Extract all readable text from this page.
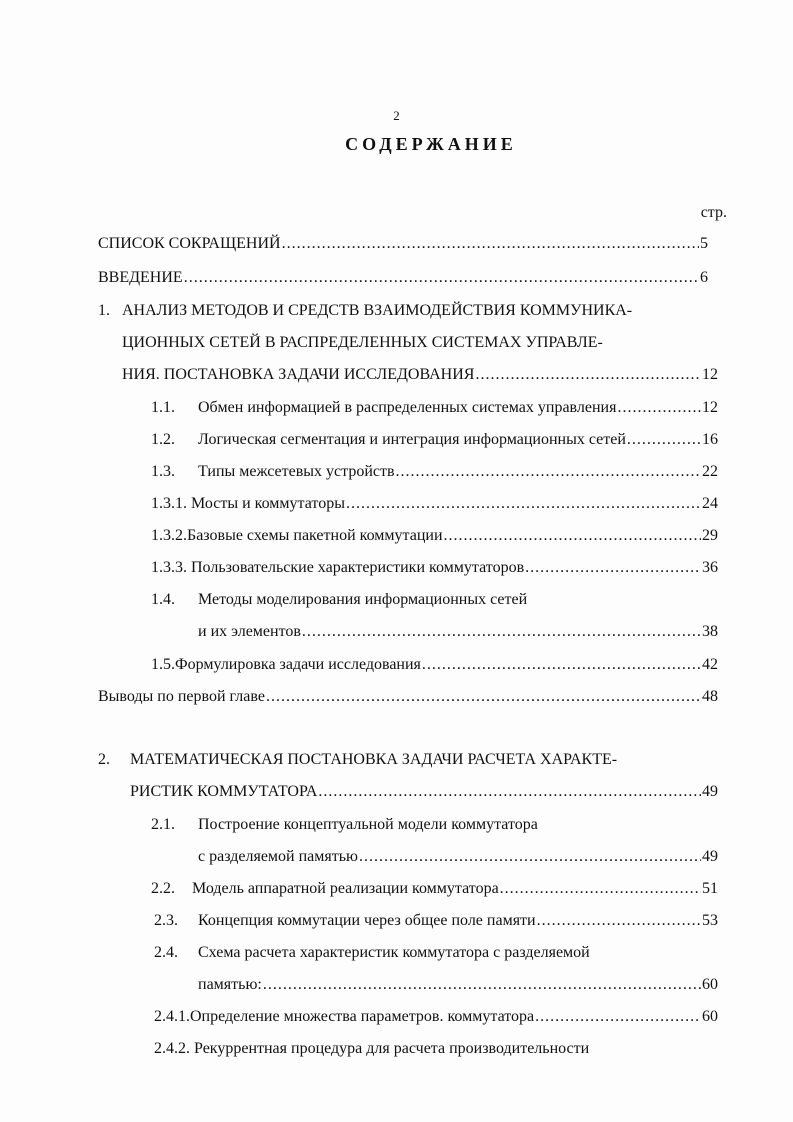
2
СОДЕРЖАНИЕ
стр.
СПИСОК СОКРАЩЕНИЙ .....	5
ВВЕДЕНИЕ .....	6
1. АНАЛИЗ МЕТОДОВ И СРЕДСТВ ВЗАИМОДЕЙСТВИЯ КОММУНИКА-
ЦИОННЫХ СЕТЕЙ В РАСПРЕДЕЛЕННЫХ СИСТЕМАХ УПРАВЛЕ-
НИЯ. ПОСТАНОВКА ЗАДАЧИ ИССЛЕДОВАНИЯ .....	12
1.1. Обмен информацией в распределенных системах управления .....	12
1.2. Логическая сегментация и интеграция информационных сетей .....	16
1.3. Типы межсетевых устройств .....	22
1.3.1. Мосты и коммутаторы .....	24
1.3.2.Базовые схемы пакетной коммутации .....	29
1.3.3. Пользовательские характеристики коммутаторов .....	36
1.4. Методы моделирования информационных сетей
и их элементов .....	38
1.5.Формулировка задачи исследования .....	42
Выводы по первой главе .....	48
2. МАТЕМАТИЧЕСКАЯ ПОСТАНОВКА ЗАДАЧИ РАСЧЕТА ХАРАКТЕ-
РИСТИК КОММУТАТОРА .....	49
2.1. Построение концептуальной модели коммутатора
с разделяемой памятью .....	49
2.2. Модель аппаратной реализации коммутатора .....	51
2.3. Концепция коммутации через общее поле памяти .....	53
2.4. Схема расчета характеристик коммутатора с разделяемой
памятью: .....	60
2.4.1.Определение множества параметров. коммутатора .....	60
2.4.2. Рекуррентная процедура для расчета производительности
